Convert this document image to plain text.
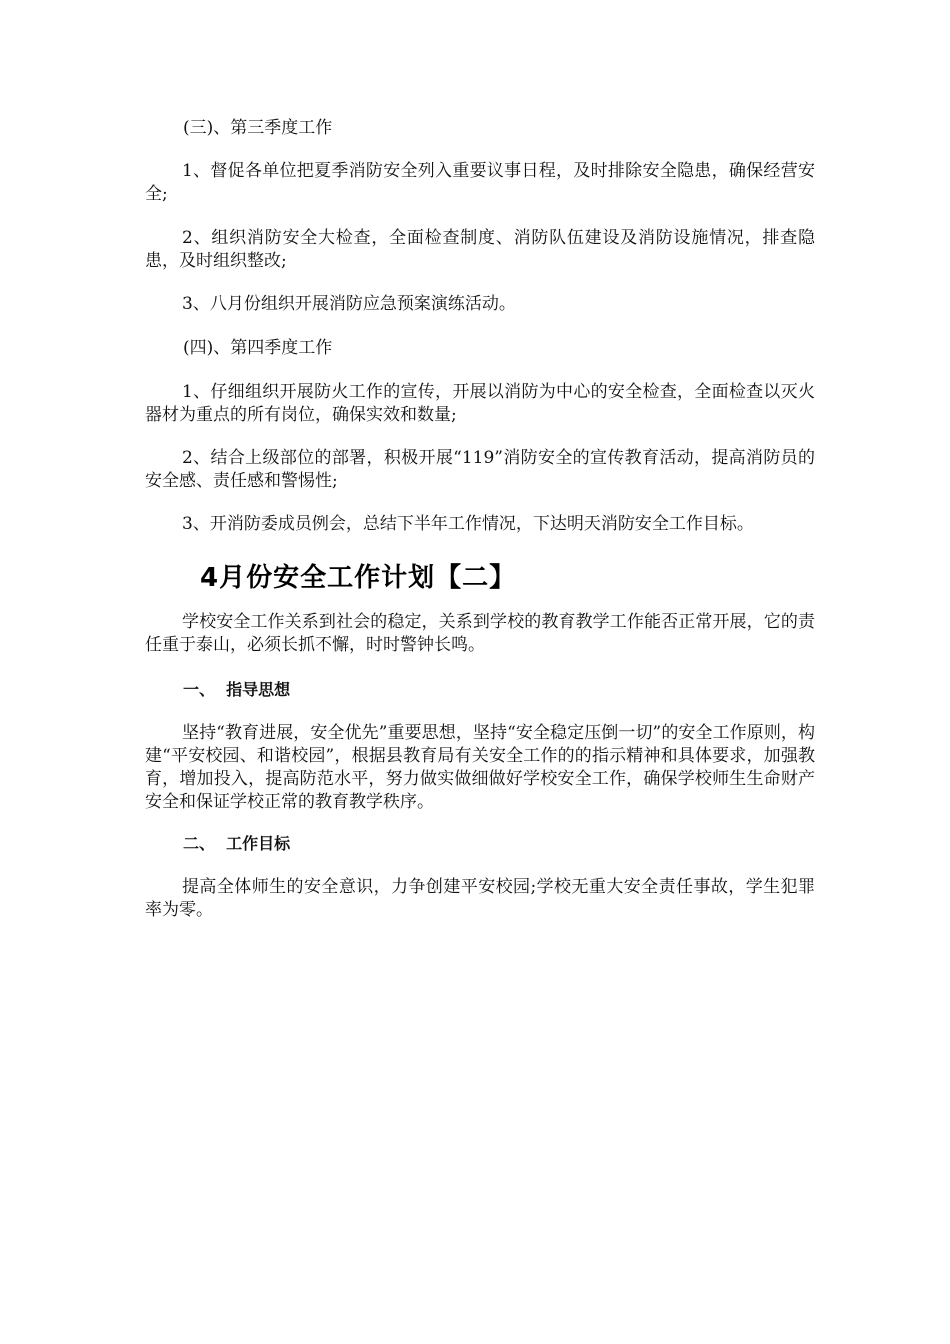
(三)、第三季度工作

1、督促各单位把夏季消防安全列入重要议事日程，及时排除安全隐患，确保经营安全;

2、组织消防安全大检查，全面检查制度、消防队伍建设及消防设施情况，排查隐患，及时组织整改;

3、八月份组织开展消防应急预案演练活动。

(四)、第四季度工作

1、仔细组织开展防火工作的宣传，开展以消防为中心的安全检查，全面检查以灭火器材为重点的所有岗位，确保实效和数量;

2、结合上级部位的部署，积极开展“119”消防安全的宣传教育活动，提高消防员的安全感、责任感和警惕性;

3、开消防委成员例会，总结下半年工作情况，下达明天消防安全工作目标。

4月份安全工作计划【二】

学校安全工作关系到社会的稳定，关系到学校的教育教学工作能否正常开展，它的责任重于泰山，必须长抓不懈，时时警钟长鸣。

一、  指导思想

坚持“教育进展，安全优先”重要思想，坚持“安全稳定压倒一切”的安全工作原则，构建“平安校园、和谐校园”，根据县教育局有关安全工作的的指示精神和具体要求，加强教育，增加投入，提高防范水平，努力做实做细做好学校安全工作，确保学校师生生命财产安全和保证学校正常的教育教学秩序。

二、  工作目标

提高全体师生的安全意识，力争创建平安校园;学校无重大安全责任事故，学生犯罪率为零。
